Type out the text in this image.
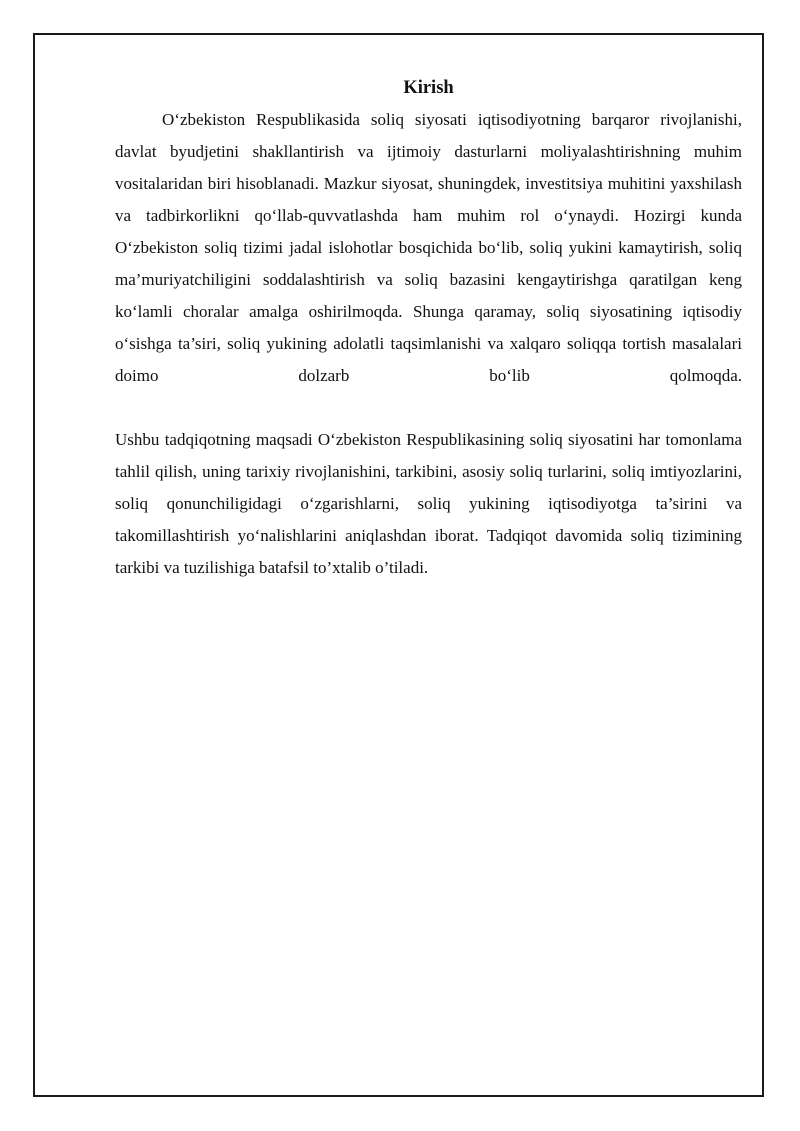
Kirish

O‘zbekiston Respublikasida soliq siyosati iqtisodiyotning barqaror rivojlanishi, davlat byudjetini shakllantirish va ijtimoiy dasturlarni moliyalashtirishning muhim vositalaridan biri hisoblanadi. Mazkur siyosat, shuningdek, investitsiya muhitini yaxshilash va tadbirkorlikni qo‘llab-quvvatlashda ham muhim rol o‘ynaydi. Hozirgi kunda O‘zbekiston soliq tizimi jadal islohotlar bosqichida bo‘lib, soliq yukini kamaytirish, soliq ma’muriyatchiligini soddalashtirish va soliq bazasini kengaytirishga qaratilgan keng ko‘lamli choralar amalga oshirilmoqda. Shunga qaramay, soliq siyosatining iqtisodiy o‘sishga ta’siri, soliq yukining adolatli taqsimlanishi va xalqaro soliqqa tortish masalalari doimo dolzarb bo‘lib qolmoqda.

Ushbu tadqiqotning maqsadi O‘zbekiston Respublikasining soliq siyosatini har tomonlama tahlil qilish, uning tarixiy rivojlanishini, tarkibini, asosiy soliq turlarini, soliq imtiyozlarini, soliq qonunchiligidagi o‘zgarishlarni, soliq yukining iqtisodiyotga ta’sirini va takomillashtirish yo‘nalishlarini aniqlashdan iborat. Tadqiqot davomida soliq tizimining tarkibi va tuzilishiga batafsil to’xtalib o’tiladi.
